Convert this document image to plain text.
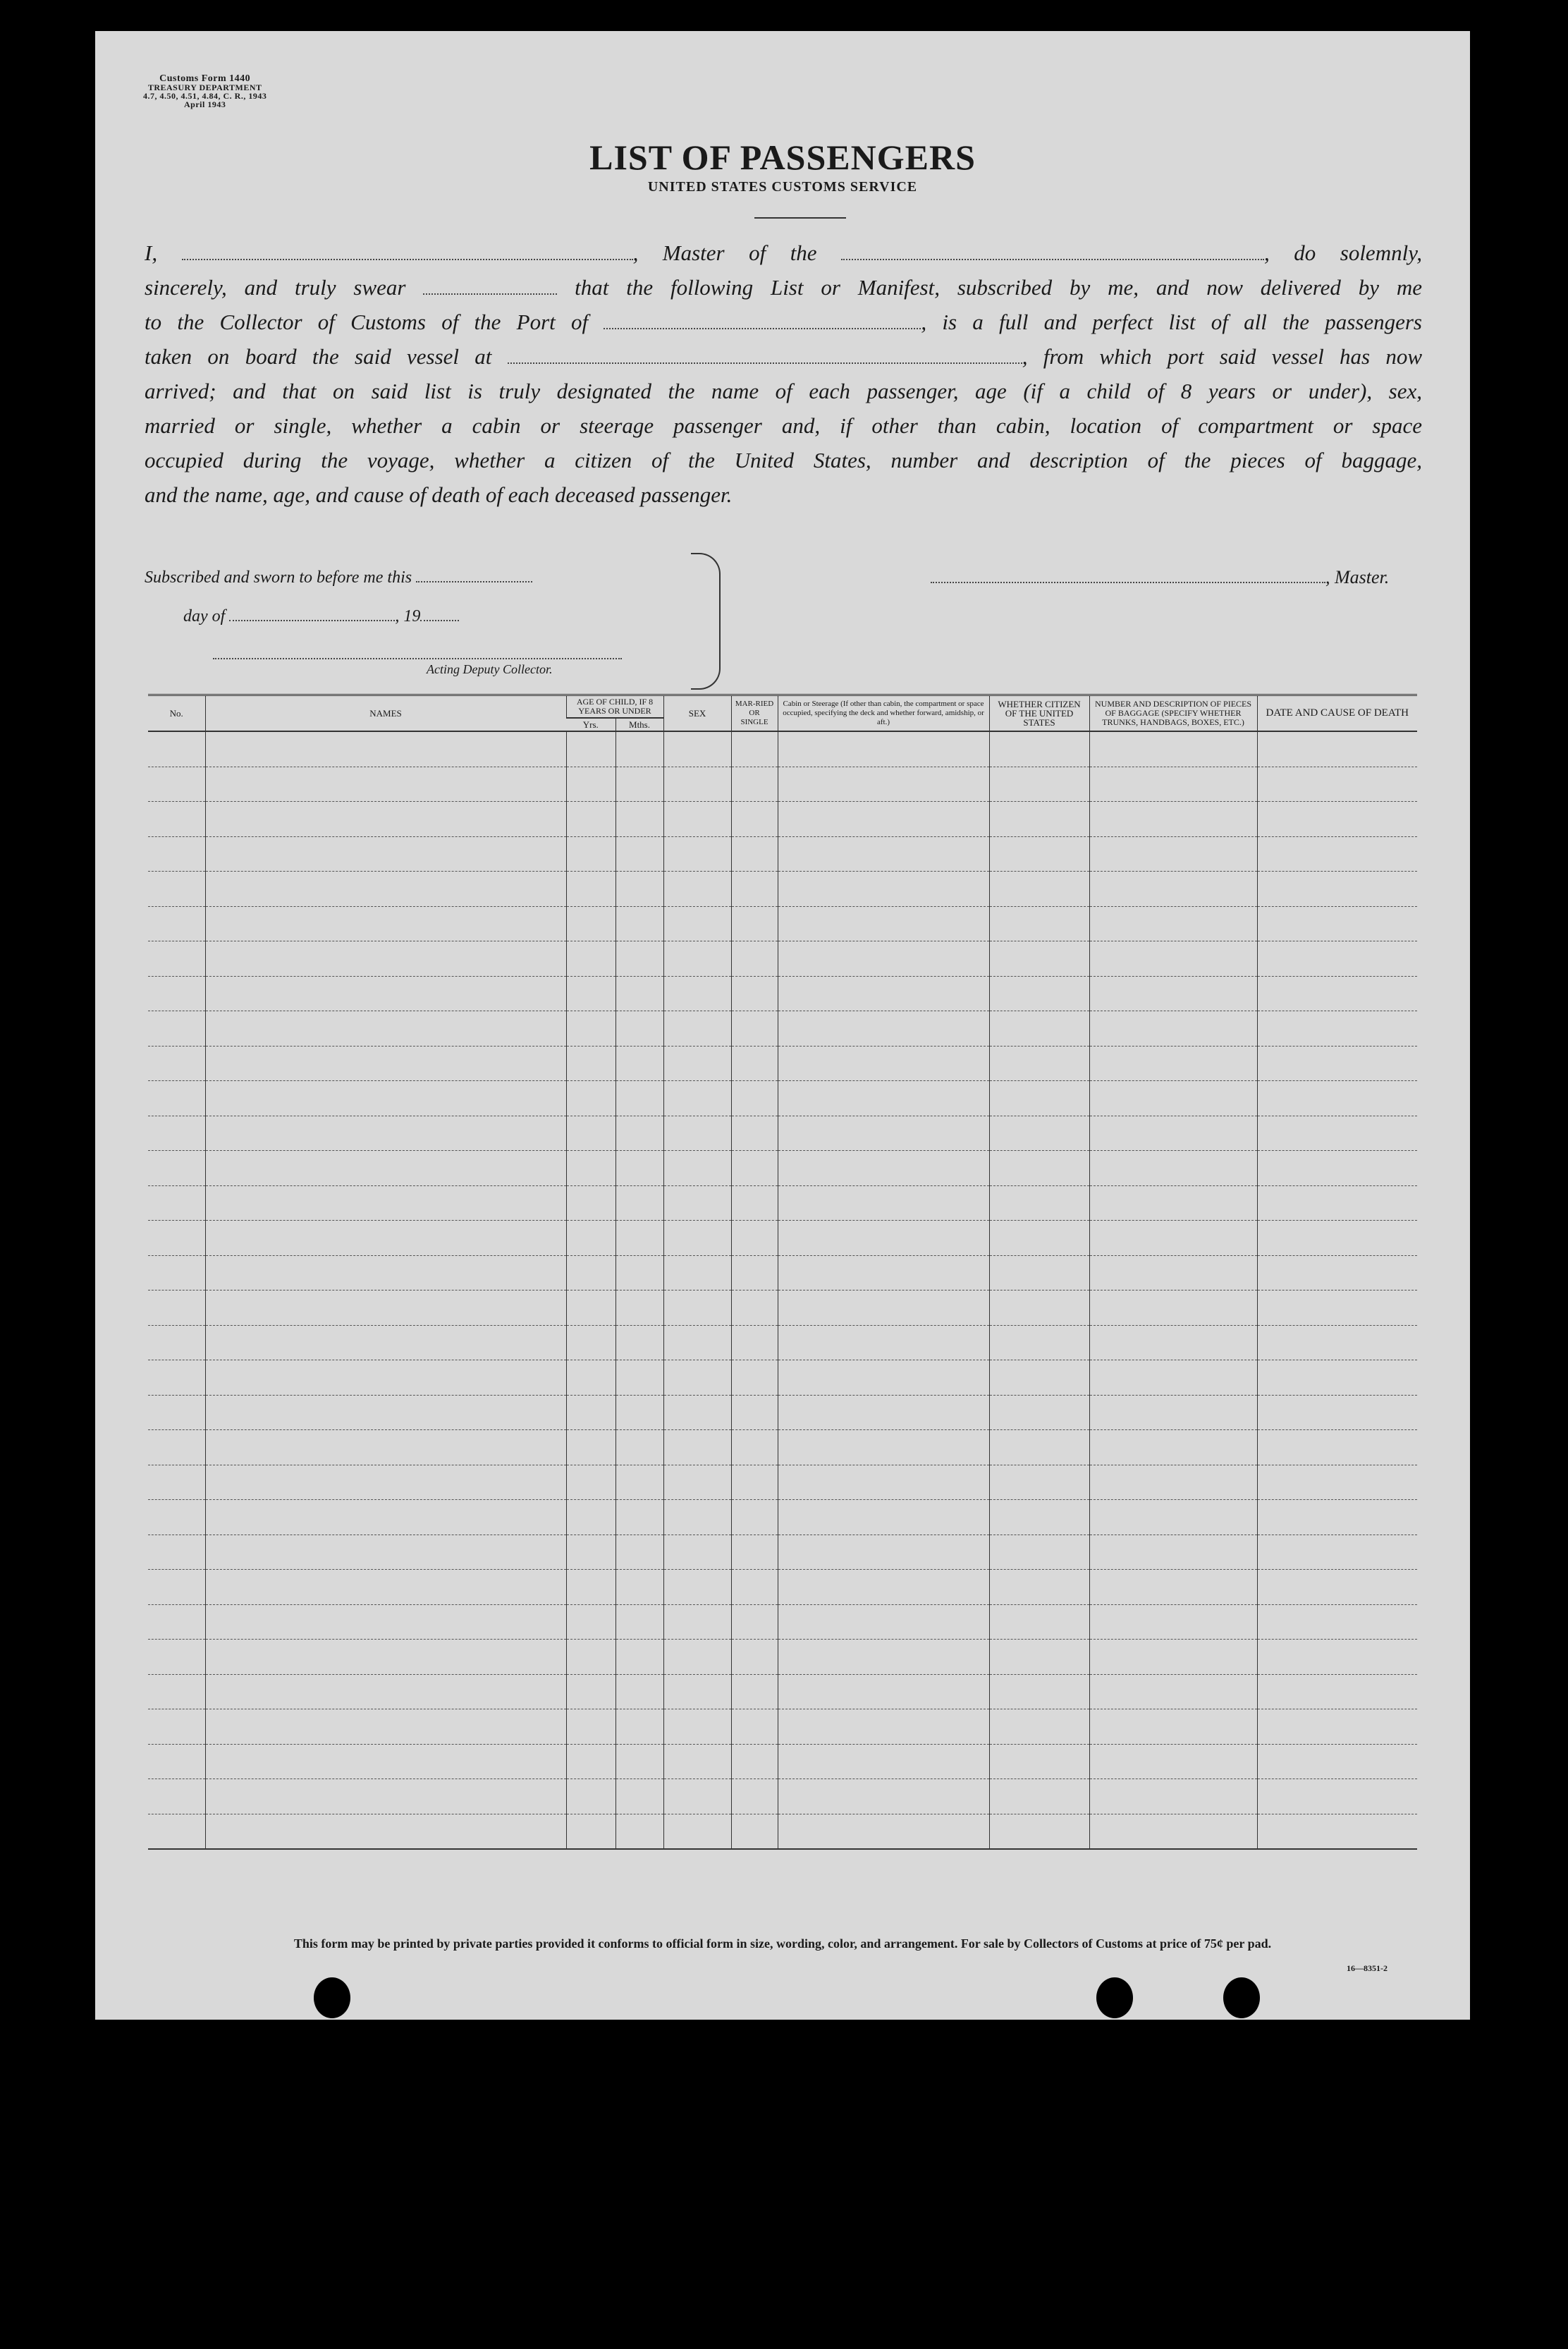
Customs Form 1440
TREASURY DEPARTMENT
4.7, 4.50, 4.51, 4.84, C. R., 1943
April 1943
LIST OF PASSENGERS
UNITED STATES CUSTOMS SERVICE
I,	, Master of the	, do solemnly,
sincerely, and truly swear	that the following List or Manifest, subscribed by me, and now delivered by me
to the Collector of Customs of the Port of	, is a full and perfect list of all the passengers
taken on board the said vessel at	, from which port said vessel has now
arrived; and that on said list is truly designated the name of each passenger, age (if a child of 8 years or under), sex,
married or single, whether a cabin or steerage passenger and, if other than cabin, location of compartment or space
occupied during the voyage, whether a citizen of the United States, number and description of the pieces of baggage,
and the name, age, and cause of death of each deceased passenger.
Subscribed and sworn to before me this
day of	, 19
Acting Deputy Collector.
, Master.
No.	NAMES	AGE OF CHILD, IF 8 YEARS OR UNDER		SEX	MAR-RIED OR SINGLE	Cabin or Steerage (If other than cabin, the compartment or space occupied, specifying the deck and whether forward, amidship, or aft.)	WHETHER CITIZEN OF THE UNITED STATES	NUMBER AND DESCRIPTION OF PIECES OF BAGGAGE (SPECIFY WHETHER TRUNKS, HANDBAGS, BOXES, ETC.)	DATE AND CAUSE OF DEATH
		Yrs.	Mths.						

This form may be printed by private parties provided it conforms to official form in size, wording, color, and arrangement. For sale by Collectors of Customs at price of 75¢ per pad.
16—8351-2
